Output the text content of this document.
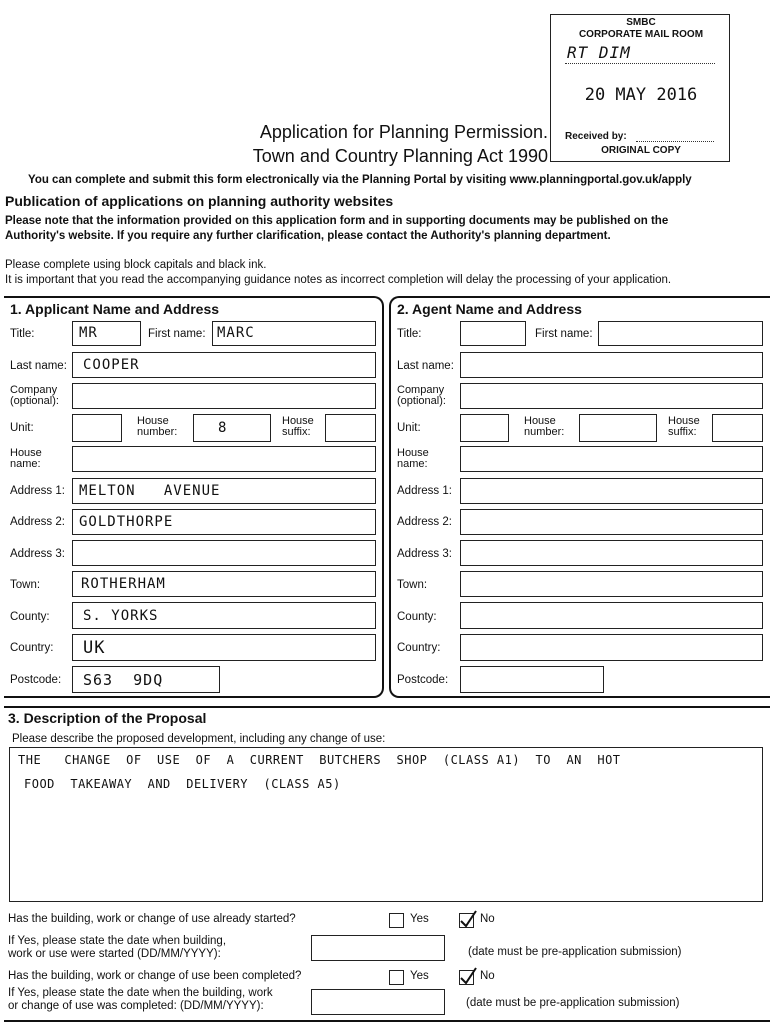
SMBC
CORPORATE MAIL ROOM
RT DIM
20 MAY 2016
Received by:
ORIGINAL COPY
Application for Planning Permission.
Town and Country Planning Act 1990
You can complete and submit this form electronically via the Planning Portal by visiting www.planningportal.gov.uk/apply
Publication of applications on planning authority websites
Please note that the information provided on this application form and in supporting documents may be published on the
Authority's website. If you require any further clarification, please contact the Authority's planning department.
Please complete using block capitals and black ink.
It is important that you read the accompanying guidance notes as incorrect completion will delay the processing of your application.
1. Applicant Name and Address
Title:	MR	First name: MARC
Last name: COOPER
Company
(optional):
Unit:
House
number:	8	House
suffix:
House
name:
Address 1: MELTON   AVENUE
Address 2: GOLDTHORPE
Address 3:
Town:	ROTHERHAM
County: S. YORKS
Country: UK
Postcode: S63  9DQ
2. Agent Name and Address
Title:	First name:
Last name:
Company
(optional):
Unit:
House
number:
House
suffix:
House
name:
Address 1:
Address 2:
Address 3:
Town:
County:
Country:
Postcode:
3. Description of the Proposal
Please describe the proposed development, including any change of use:
THE   CHANGE  OF  USE  OF  A  CURRENT  BUTCHERS  SHOP  (CLASS A1)  TO  AN  HOT
FOOD  TAKEAWAY  AND  DELIVERY  (CLASS A5)
Has the building, work or change of use already started?	Yes	No
If Yes, please state the date when building,
work or use were started (DD/MM/YYYY):	(date must be pre-application submission)
Has the building, work or change of use been completed?	Yes	No
If Yes, please state the date when the building, work
or change of use was completed: (DD/MM/YYYY):	(date must be pre-application submission)
